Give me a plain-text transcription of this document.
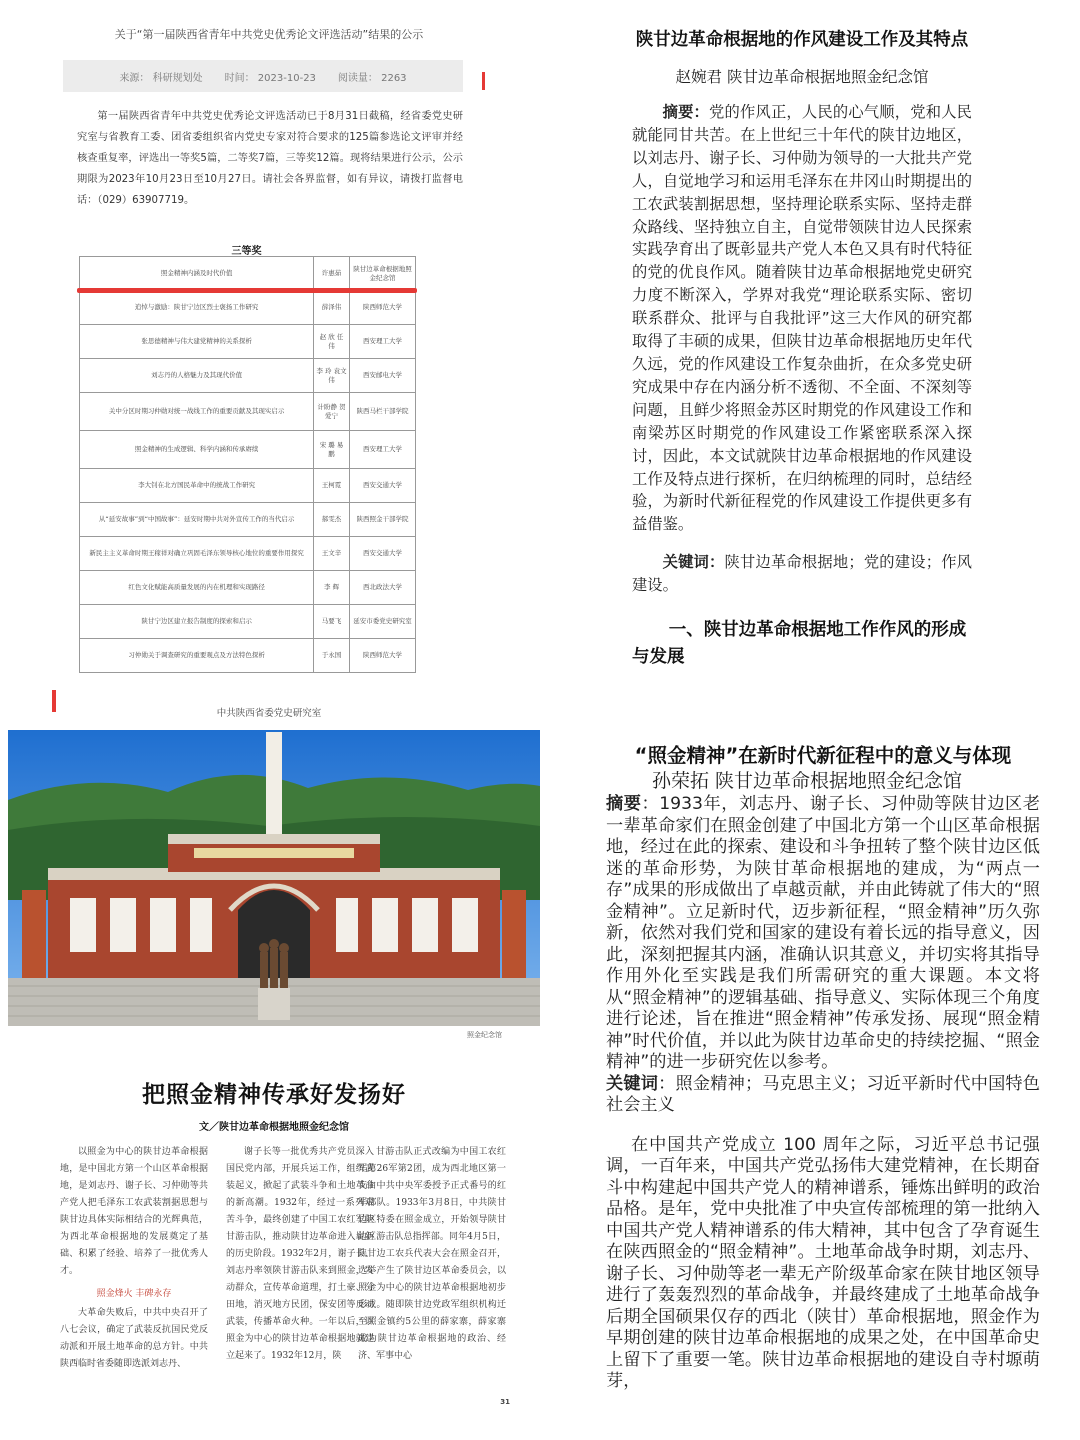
关于“第一届陕西省青年中共党史优秀论文评选活动”结果的公示
来源： 科研规划处 时间： 2023-10-23 阅读量： 2263
第一届陕西省青年中共党史优秀论文评选活动已于8月31日截稿，经省委党史研究室与省教育工委、团省委组织省内党史专家对符合要求的125篇参选论文评审并经核查重复率，评选出一等奖5篇，二等奖7篇，三等奖12篇。现将结果进行公示，公示期限为2023年10月23日至10月27日。请社会各界监督，如有异议，请拨打监督电话：（029）63907719。
三等奖
照金精神内涵及时代价值	许惠茹	陕甘边革命根据地照金纪念馆
追悼与激励：陕甘宁边区烈士褒扬工作研究	薛泽伟	陕西师范大学
张思德精神与伟大建党精神的关系探析	赵 欣 任 伟	西安理工大学
刘志丹的人格魅力及其现代价值	李 玲 袁文伟	西安邮电大学
关中分区时期习仲勋对统一战线工作的重要贡献及其现实启示	计盼静 贺爱宁	陕西马栏干部学院
照金精神的生成逻辑、科学内涵和传承赓续	宋 璐 易 鹏	西安理工大学
李大钊在北方国民革命中的统战工作研究	王柯霓	西安交通大学
从“延安故事”到“中国故事”：延安时期中共对外宣传工作的当代启示	郝雯杰	陕西照金干部学院
新民主主义革命时期王稼祥对确立巩固毛泽东领导核心地位的重要作用探究	王文辛	西安交通大学
红色文化赋能高质量发展的内在机理和实现路径	李 辉	西北政法大学
陕甘宁边区建立报告制度的探索和启示	马要飞	延安市委党史研究室
习仲勋关于调查研究的重要观点及方法特色探析	于永国	陕西师范大学
中共陕西省委党史研究室
陕甘边革命根据地的作风建设工作及其特点
赵婉君 陕甘边革命根据地照金纪念馆
摘要：党的作风正，人民的心气顺，党和人民就能同甘共苦。在上世纪三十年代的陕甘边地区，以刘志丹、谢子长、习仲勋为领导的一大批共产党人，自觉地学习和运用毛泽东在井冈山时期提出的工农武装割据思想，坚持理论联系实际、坚持走群众路线、坚持独立自主，自觉带领陕甘边人民探索实践孕育出了既彰显共产党人本色又具有时代特征的党的优良作风。随着陕甘边革命根据地党史研究力度不断深入，学界对我党“理论联系实际、密切联系群众、批评与自我批评”这三大作风的研究都取得了丰硕的成果，但陕甘边革命根据地历史年代久远，党的作风建设工作复杂曲折，在众多党史研究成果中存在内涵分析不透彻、不全面、不深刻等问题，且鲜少将照金苏区时期党的作风建设工作和南梁苏区时期党的作风建设工作紧密联系深入探讨，因此，本文试就陕甘边革命根据地的作风建设工作及特点进行探析，在归纳梳理的同时，总结经验，为新时代新征程党的作风建设工作提供更多有益借鉴。
关键词：陕甘边革命根据地；党的建设；作风建设。
一、陕甘边革命根据地工作作风的形成与发展
照金纪念馆
把照金精神传承好发扬好
文／陕甘边革命根据地照金纪念馆

以照金为中心的陕甘边革命根据地，是中国北方第一个山区革命根据地，是刘志丹、谢子长、习仲勋等共产党人把毛泽东工农武装割据思想与陕甘边具体实际相结合的光辉典范，为西北革命根据地的发展奠定了基础、积累了经验、培养了一批优秀人才。

照金烽火 丰碑永存

大革命失败后，中共中央召开了八七会议，确定了武装反抗国民党反动派和开展土地革命的总方针。中共陕西临时省委随即选派刘志丹、

谢子长等一批优秀共产党员深入国民党内部，开展兵运工作，组织武装起义，掀起了武装斗争和土地革命的新高潮。1932年，经过一系列艰苦斗争，最终创建了中国工农红军陕甘游击队，推动陕甘边革命进入崭新的历史阶段。1932年2月，谢子长、刘志丹率领陕甘游击队来到照金，发动群众，宣传革命道理，打土豪、分田地，消灭地方民团，保安团等反动武装，传播革命火种。一年以后，以照金为中心的陕甘边革命根据地就建立起来了。1932年12月，陕

甘游击队正式改编为中国工农红军第26军第2团，成为西北地区第一支由中共中央军委授予正式番号的红军部队。1933年3月8日，中共陕甘边区特委在照金成立，开始领导陕甘边区游击队总指挥部。同年4月5日，陕甘边工农兵代表大会在照金召开，选举产生了陕甘边区革命委员会，以照金为中心的陕甘边革命根据地初步形成。随即陕甘边党政军组织机构迁至照金镇约5公里的薛家寨，薛家寨成为陕甘边革命根据地的政治、经济、军事中心

31
“照金精神”在新时代新征程中的意义与体现
孙荣拓 陕甘边革命根据地照金纪念馆
摘要：1933年，刘志丹、谢子长、习仲勋等陕甘边区老一辈革命家们在照金创建了中国北方第一个山区革命根据地，经过在此的探索、建设和斗争扭转了整个陕甘边区低迷的革命形势，为陕甘革命根据地的建成，为“两点一存”成果的形成做出了卓越贡献，并由此铸就了伟大的“照金精神”。立足新时代，迈步新征程，“照金精神”历久弥新，依然对我们党和国家的建设有着长远的指导意义，因此，深刻把握其内涵，准确认识其意义，并切实将其指导作用外化至实践是我们所需研究的重大课题。本文将从“照金精神”的逻辑基础、指导意义、实际体现三个角度进行论述，旨在推进“照金精神”传承发扬、展现“照金精神”时代价值，并以此为陕甘边革命史的持续挖掘、“照金精神”的进一步研究佐以参考。
关键词：照金精神；马克思主义；习近平新时代中国特色社会主义
在中国共产党成立 100 周年之际，习近平总书记强调，一百年来，中国共产党弘扬伟大建党精神，在长期奋斗中构建起中国共产党人的精神谱系，锤炼出鲜明的政治品格。是年，党中央批准了中央宣传部梳理的第一批纳入中国共产党人精神谱系的伟大精神，其中包含了孕育诞生在陕西照金的“照金精神”。土地革命战争时期，刘志丹、谢子长、习仲勋等老一辈无产阶级革命家在陕甘地区领导进行了轰轰烈烈的革命战争，并最终建成了土地革命战争后期全国硕果仅存的西北（陕甘）革命根据地，照金作为早期创建的陕甘边革命根据地的成果之处，在中国革命史上留下了重要一笔。陕甘边革命根据地的建设自寺村塬萌芽，
